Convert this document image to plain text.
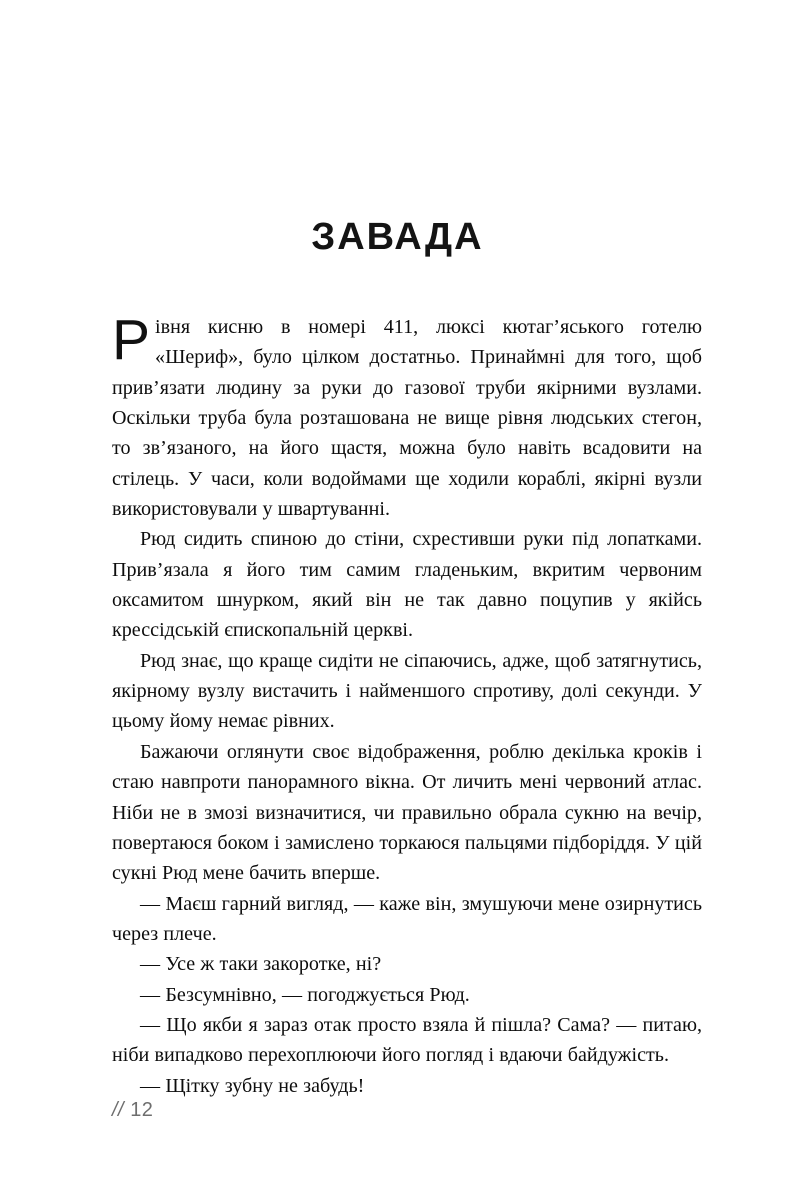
ЗАВАДА

Рівня кисню в номері 411, люксі кютаг’яського готелю «Шериф», було цілком достатньо. Принаймні для того, щоб прив’язати людину за руки до газової труби якірними вузлами. Оскільки труба була розташована не вище рівня людських стегон, то зв’язаного, на його щастя, можна було навіть всадовити на стілець. У часи, коли водоймами ще ходили кораблі, якірні вузли використовували у швартуванні.

Рюд сидить спиною до стіни, схрестивши руки під лопатками. Прив’язала я його тим самим гладеньким, вкритим червоним оксамитом шнурком, який він не так давно поцупив у якійсь крессідській єпископальній церкві.

Рюд знає, що краще сидіти не сіпаючись, адже, щоб затягнутись, якірному вузлу вистачить і найменшого спротиву, долі секунди. У цьому йому немає рівних.

Бажаючи оглянути своє відображення, роблю декілька кроків і стаю навпроти панорамного вікна. От личить мені червоний атлас. Ніби не в змозі визначитися, чи правильно обрала сукню на вечір, повертаюся боком і замислено торкаюся пальцями підборіддя. У цій сукні Рюд мене бачить вперше.

— Маєш гарний вигляд, — каже він, змушуючи мене озирнутись через плече.

— Усе ж таки закоротке, ні?

— Безсумнівно, — погоджується Рюд.

— Що якби я зараз отак просто взяла й пішла? Сама? — питаю, ніби випадково перехоплюючи його погляд і вдаючи байдужість.

— Щітку зубну не забудь!

// 12
